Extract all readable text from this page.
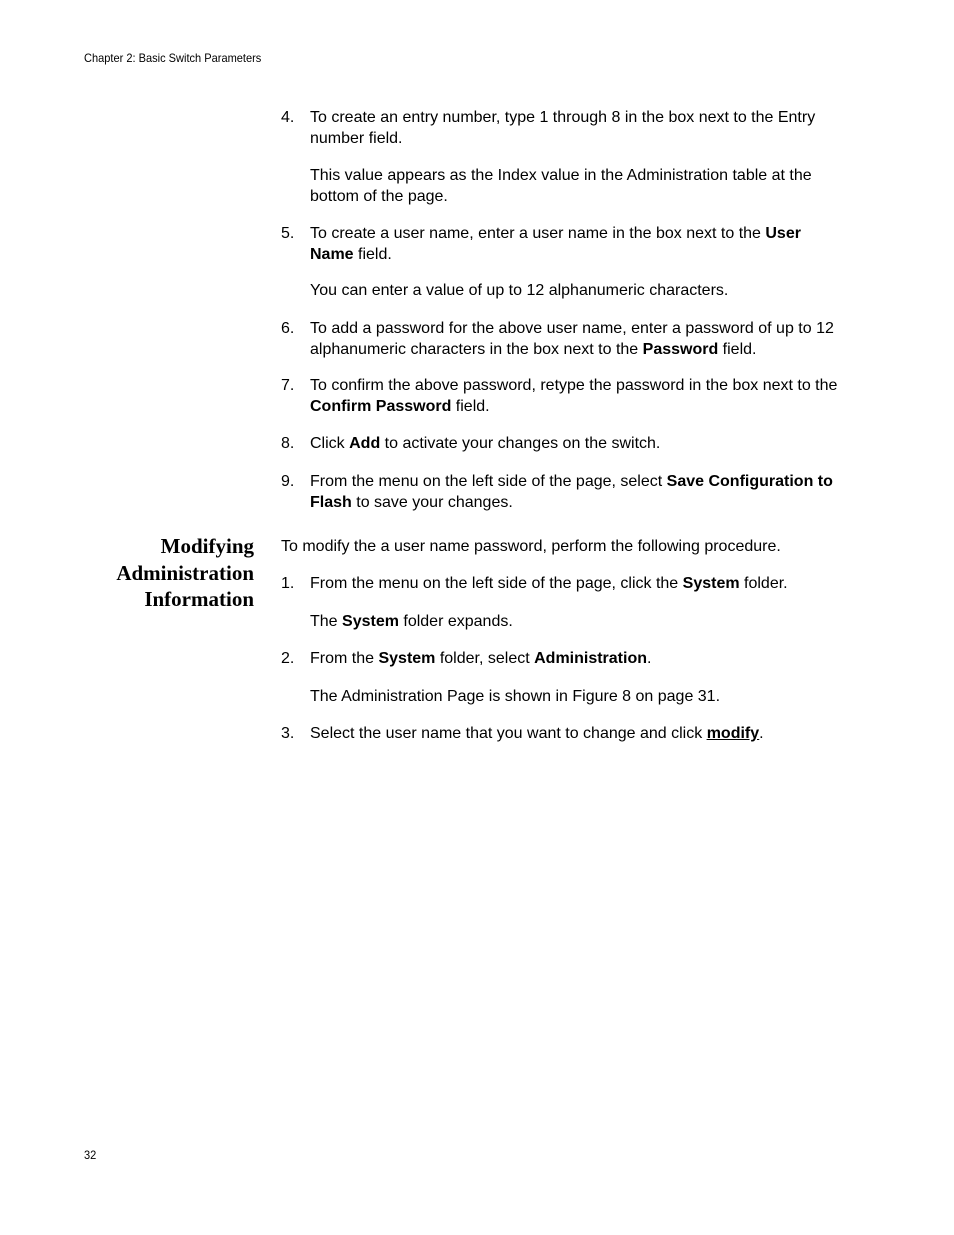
Chapter 2: Basic Switch Parameters
4. To create an entry number, type 1 through 8 in the box next to the Entry number field.
This value appears as the Index value in the Administration table at the bottom of the page.
5. To create a user name, enter a user name in the box next to the User Name field.
You can enter a value of up to 12 alphanumeric characters.
6. To add a password for the above user name, enter a password of up to 12 alphanumeric characters in the box next to the Password field.
7. To confirm the above password, retype the password in the box next to the Confirm Password field.
8. Click Add to activate your changes on the switch.
9. From the menu on the left side of the page, select Save Configuration to Flash to save your changes.
Modifying
Administration
Information
To modify the a user name password, perform the following procedure.
1. From the menu on the left side of the page, click the System folder.
The System folder expands.
2. From the System folder, select Administration.
The Administration Page is shown in Figure 8 on page 31.
3. Select the user name that you want to change and click modify.
32
